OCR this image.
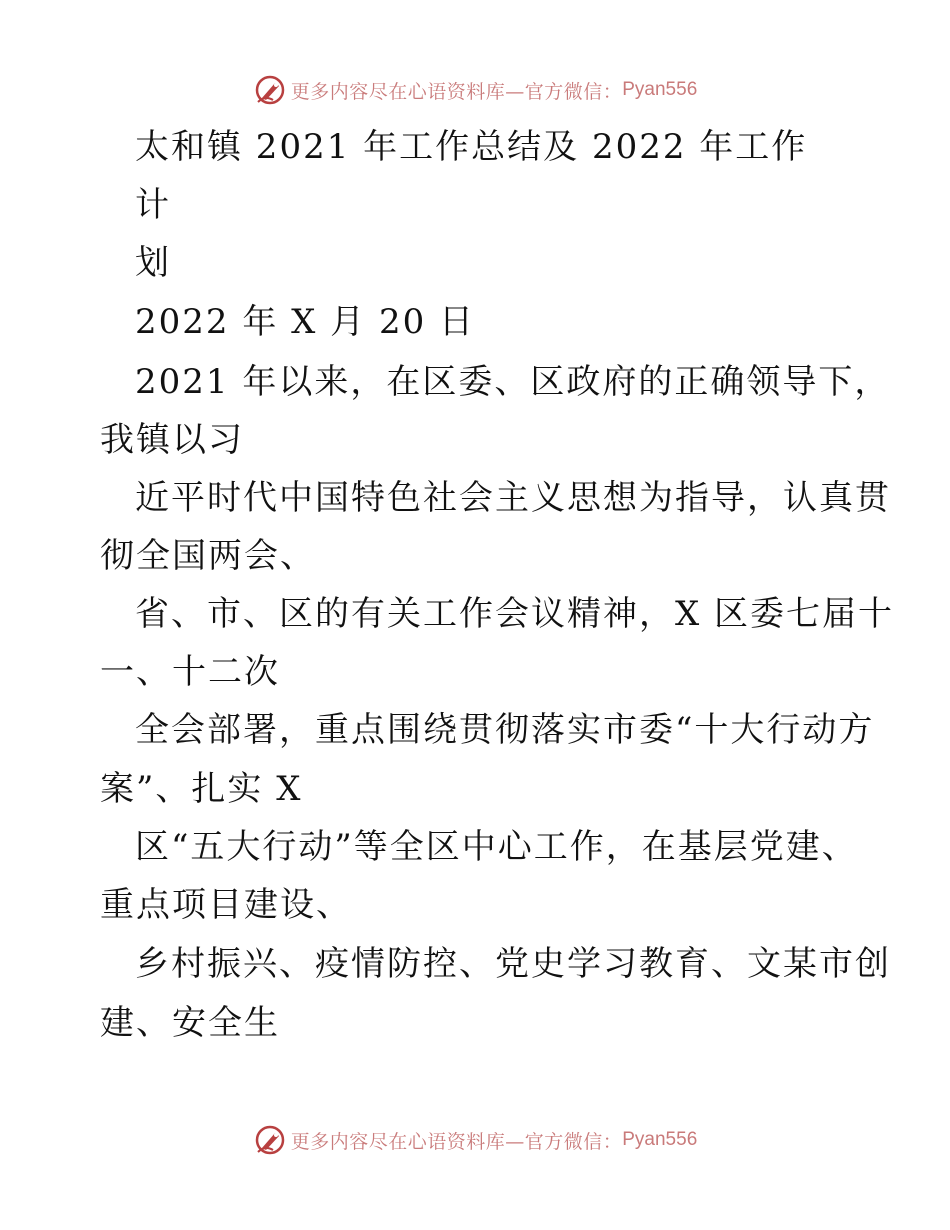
更多内容尽在心语资料库—官方微信： Pyan556
太和镇 2021 年工作总结及 2022 年工作
计
划
2022 年 X 月 20 日
2021 年以来，在区委、区政府的正确领导下，
我镇以习
近平时代中国特色社会主义思想为指导，认真贯
彻全国两会、
省、市、区的有关工作会议精神，X 区委七届十
一、十二次
全会部署，重点围绕贯彻落实市委“十大行动方
案”、扎实 X
区“五大行动”等全区中心工作，在基层党建、
重点项目建设、
乡村振兴、疫情防控、党史学习教育、文某市创
建、安全生
更多内容尽在心语资料库—官方微信： Pyan556
